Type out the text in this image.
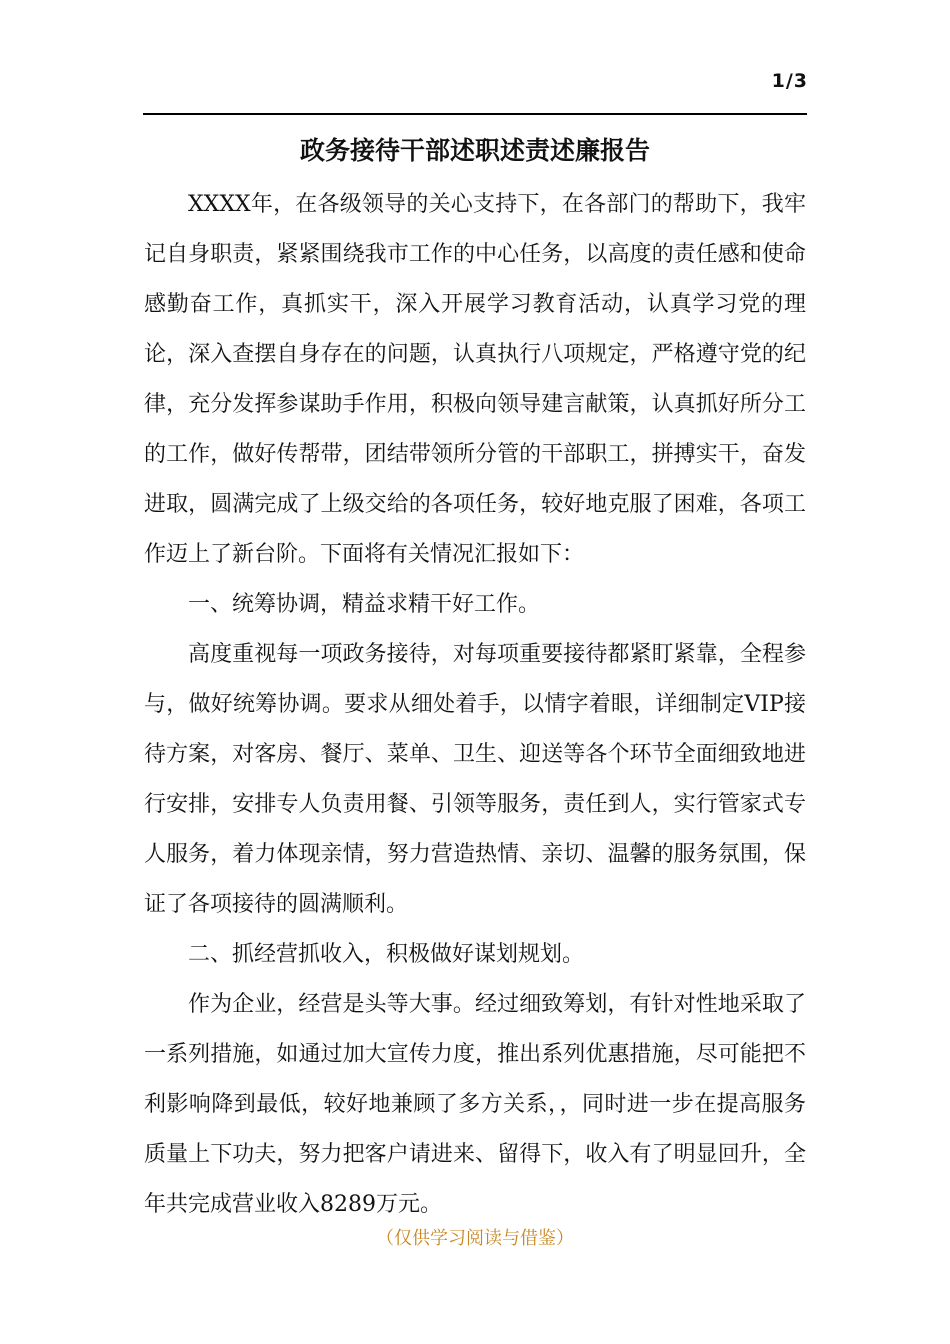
1/3
政务接待干部述职述责述廉报告

XXXX年，在各级领导的关心支持下，在各部门的帮助下，我牢记自身职责，紧紧围绕我市工作的中心任务，以高度的责任感和使命感勤奋工作，真抓实干，深入开展学习教育活动，认真学习党的理论，深入查摆自身存在的问题，认真执行八项规定，严格遵守党的纪律，充分发挥参谋助手作用，积极向领导建言献策，认真抓好所分工的工作，做好传帮带，团结带领所分管的干部职工，拼搏实干，奋发进取，圆满完成了上级交给的各项任务，较好地克服了困难，各项工作迈上了新台阶。下面将有关情况汇报如下：

一、统筹协调，精益求精干好工作。

高度重视每一项政务接待，对每项重要接待都紧盯紧靠，全程参与，做好统筹协调。要求从细处着手，以情字着眼，详细制定VIP接待方案，对客房、餐厅、菜单、卫生、迎送等各个环节全面细致地进行安排，安排专人负责用餐、引领等服务，责任到人，实行管家式专人服务，着力体现亲情，努力营造热情、亲切、温馨的服务氛围，保证了各项接待的圆满顺利。

二、抓经营抓收入，积极做好谋划规划。

作为企业，经营是头等大事。经过细致筹划，有针对性地采取了一系列措施，如通过加大宣传力度，推出系列优惠措施，尽可能把不利影响降到最低，较好地兼顾了多方关系，，同时进一步在提高服务质量上下功夫，努力把客户请进来、留得下，收入有了明显回升，全年共完成营业收入8289万元。

（仅供学习阅读与借鉴）
